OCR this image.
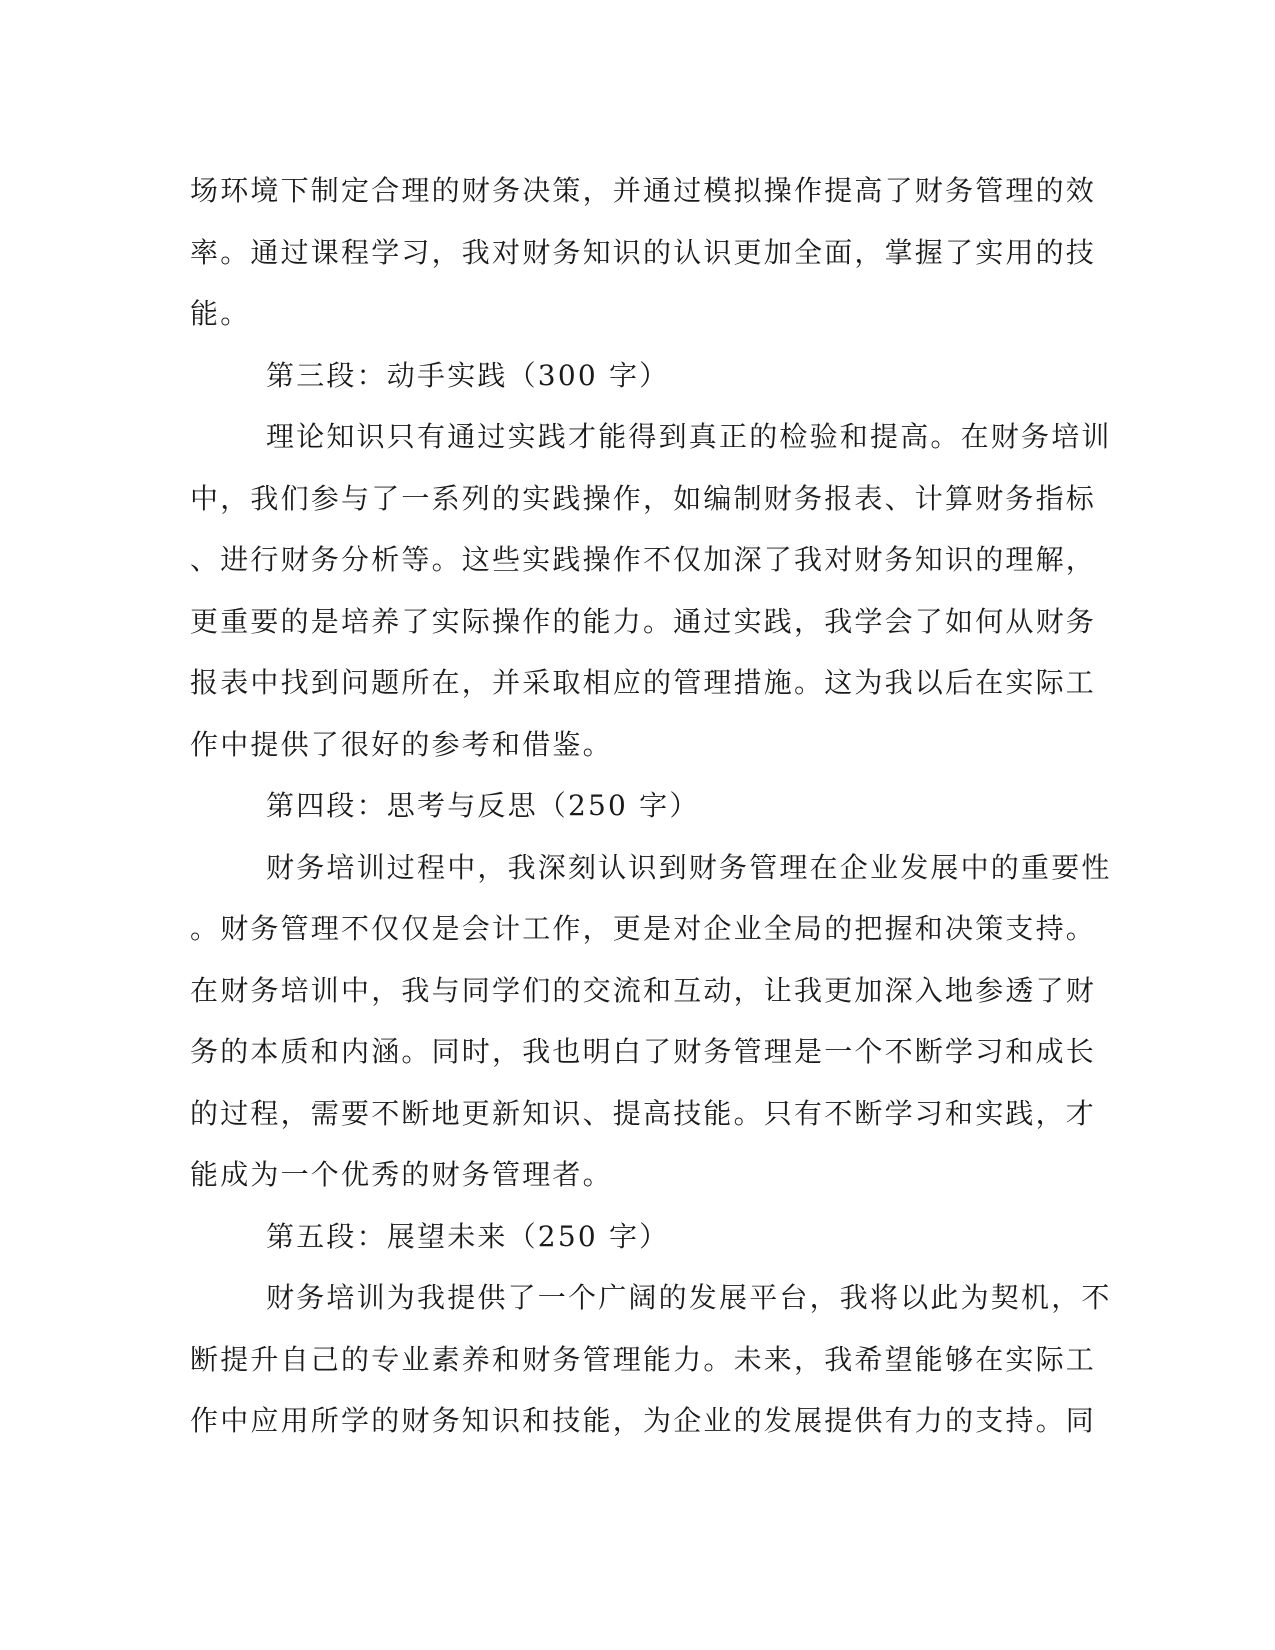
场环境下制定合理的财务决策，并通过模拟操作提高了财务管理的效
率。通过课程学习，我对财务知识的认识更加全面，掌握了实用的技
能。
第三段：动手实践（300 字）
理论知识只有通过实践才能得到真正的检验和提高。在财务培训
中，我们参与了一系列的实践操作，如编制财务报表、计算财务指标
、进行财务分析等。这些实践操作不仅加深了我对财务知识的理解，
更重要的是培养了实际操作的能力。通过实践，我学会了如何从财务
报表中找到问题所在，并采取相应的管理措施。这为我以后在实际工
作中提供了很好的参考和借鉴。
第四段：思考与反思（250 字）
财务培训过程中，我深刻认识到财务管理在企业发展中的重要性
。财务管理不仅仅是会计工作，更是对企业全局的把握和决策支持。
在财务培训中，我与同学们的交流和互动，让我更加深入地参透了财
务的本质和内涵。同时，我也明白了财务管理是一个不断学习和成长
的过程，需要不断地更新知识、提高技能。只有不断学习和实践，才
能成为一个优秀的财务管理者。
第五段：展望未来（250 字）
财务培训为我提供了一个广阔的发展平台，我将以此为契机，不
断提升自己的专业素养和财务管理能力。未来，我希望能够在实际工
作中应用所学的财务知识和技能，为企业的发展提供有力的支持。同
